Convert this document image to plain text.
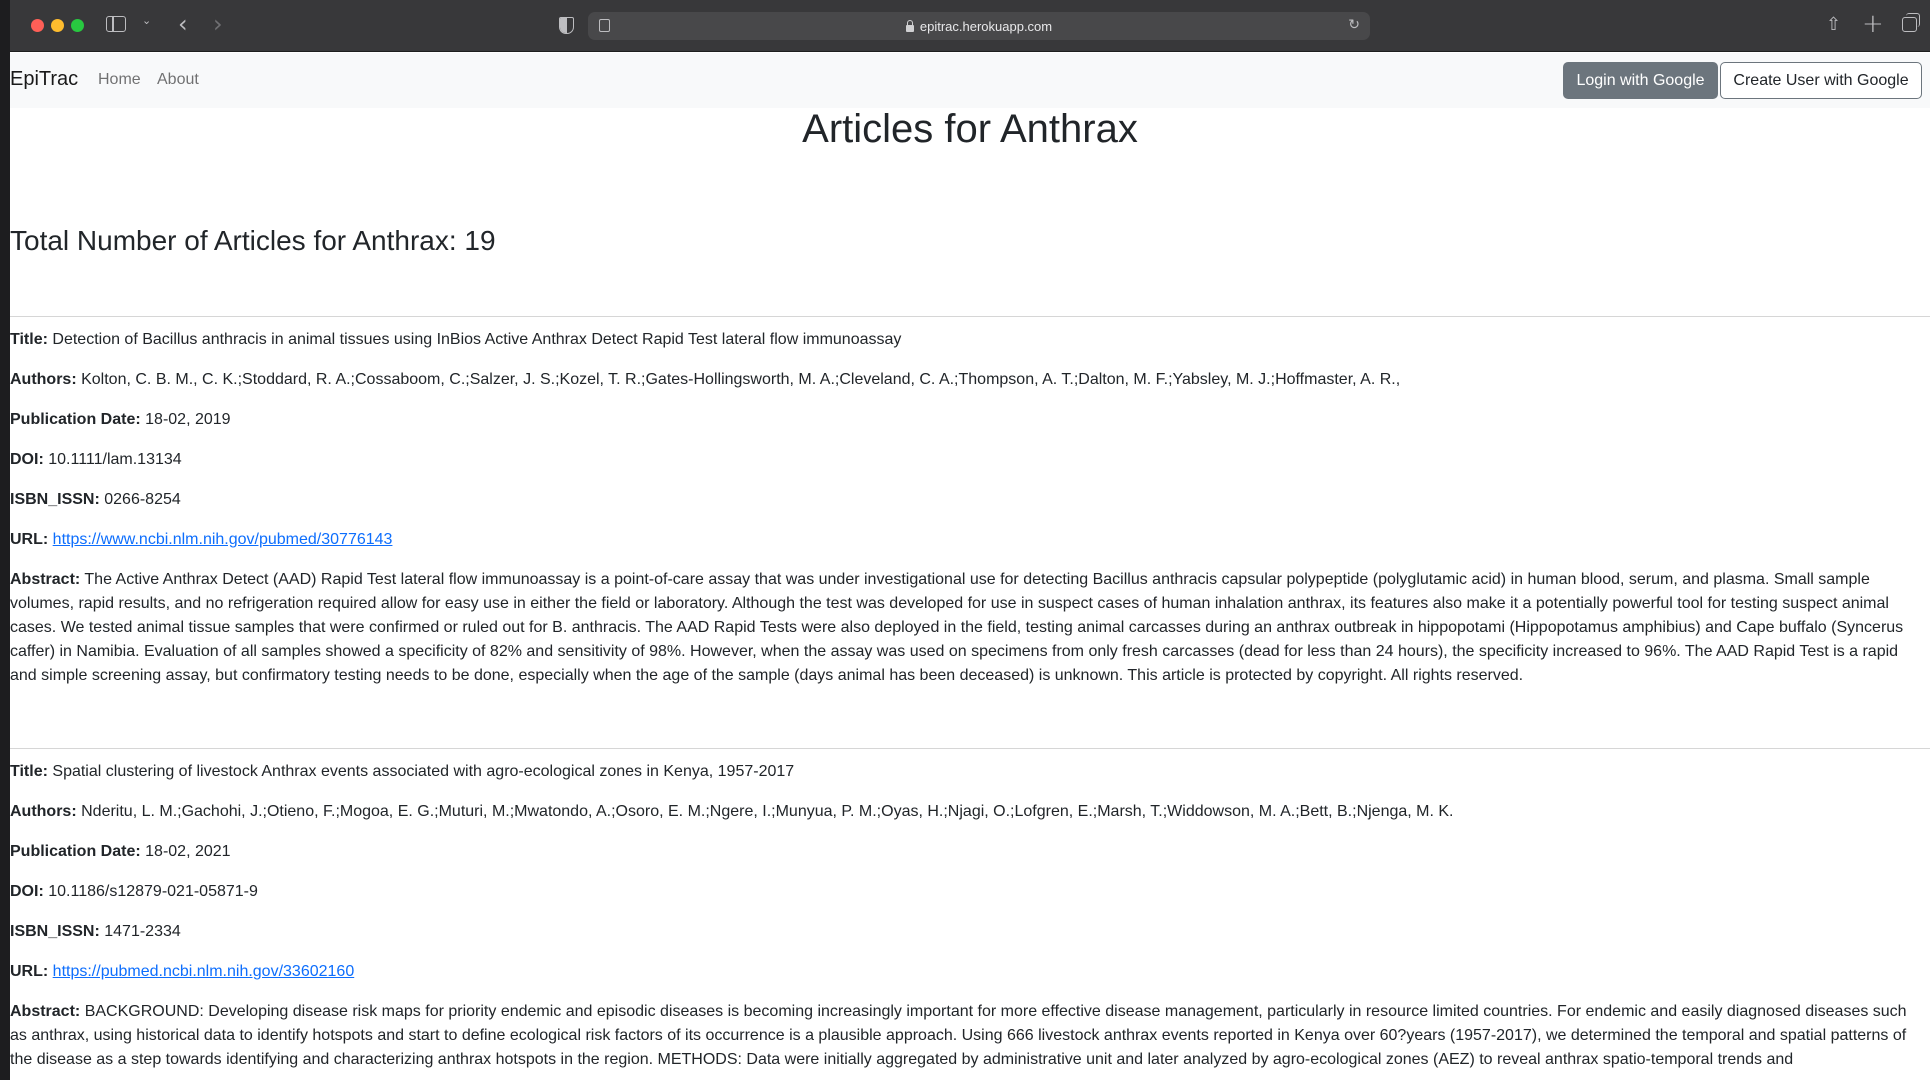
⌄ ‹ ›	epitrac.herokuapp.com	↻	⇧ +
EpiTrac Home About	Login with Google	Create User with Google
Articles for Anthrax
Total Number of Articles for Anthrax: 19
Title: Detection of Bacillus anthracis in animal tissues using InBios Active Anthrax Detect Rapid Test lateral flow immunoassay
Authors: Kolton, C. B. M., C. K.;Stoddard, R. A.;Cossaboom, C.;Salzer, J. S.;Kozel, T. R.;Gates-Hollingsworth, M. A.;Cleveland, C. A.;Thompson, A. T.;Dalton, M. F.;Yabsley, M. J.;Hoffmaster, A. R.,
Publication Date: 18-02, 2019
DOI: 10.1111/lam.13134
ISBN_ISSN: 0266-8254
URL: https://www.ncbi.nlm.nih.gov/pubmed/30776143
Abstract: The Active Anthrax Detect (AAD) Rapid Test lateral flow immunoassay is a point-of-care assay that was under investigational use for detecting Bacillus anthracis capsular polypeptide (polyglutamic acid) in human blood, serum, and plasma. Small sample volumes, rapid results, and no refrigeration required allow for easy use in either the field or laboratory. Although the test was developed for use in suspect cases of human inhalation anthrax, its features also make it a potentially powerful tool for testing suspect animal cases. We tested animal tissue samples that were confirmed or ruled out for B. anthracis. The AAD Rapid Tests were also deployed in the field, testing animal carcasses during an anthrax outbreak in hippopotami (Hippopotamus amphibius) and Cape buffalo (Syncerus caffer) in Namibia. Evaluation of all samples showed a specificity of 82% and sensitivity of 98%. However, when the assay was used on specimens from only fresh carcasses (dead for less than 24 hours), the specificity increased to 96%. The AAD Rapid Test is a rapid and simple screening assay, but confirmatory testing needs to be done, especially when the age of the sample (days animal has been deceased) is unknown. This article is protected by copyright. All rights reserved.
Title: Spatial clustering of livestock Anthrax events associated with agro-ecological zones in Kenya, 1957-2017
Authors: Nderitu, L. M.;Gachohi, J.;Otieno, F.;Mogoa, E. G.;Muturi, M.;Mwatondo, A.;Osoro, E. M.;Ngere, I.;Munyua, P. M.;Oyas, H.;Njagi, O.;Lofgren, E.;Marsh, T.;Widdowson, M. A.;Bett, B.;Njenga, M. K.
Publication Date: 18-02, 2021
DOI: 10.1186/s12879-021-05871-9
ISBN_ISSN: 1471-2334
URL: https://pubmed.ncbi.nlm.nih.gov/33602160
Abstract: BACKGROUND: Developing disease risk maps for priority endemic and episodic diseases is becoming increasingly important for more effective disease management, particularly in resource limited countries. For endemic and easily diagnosed diseases such as anthrax, using historical data to identify hotspots and start to define ecological risk factors of its occurrence is a plausible approach. Using 666 livestock anthrax events reported in Kenya over 60?years (1957-2017), we determined the temporal and spatial patterns of the disease as a step towards identifying and characterizing anthrax hotspots in the region. METHODS: Data were initially aggregated by administrative unit and later analyzed by agro-ecological zones (AEZ) to reveal anthrax spatio-temporal trends and
